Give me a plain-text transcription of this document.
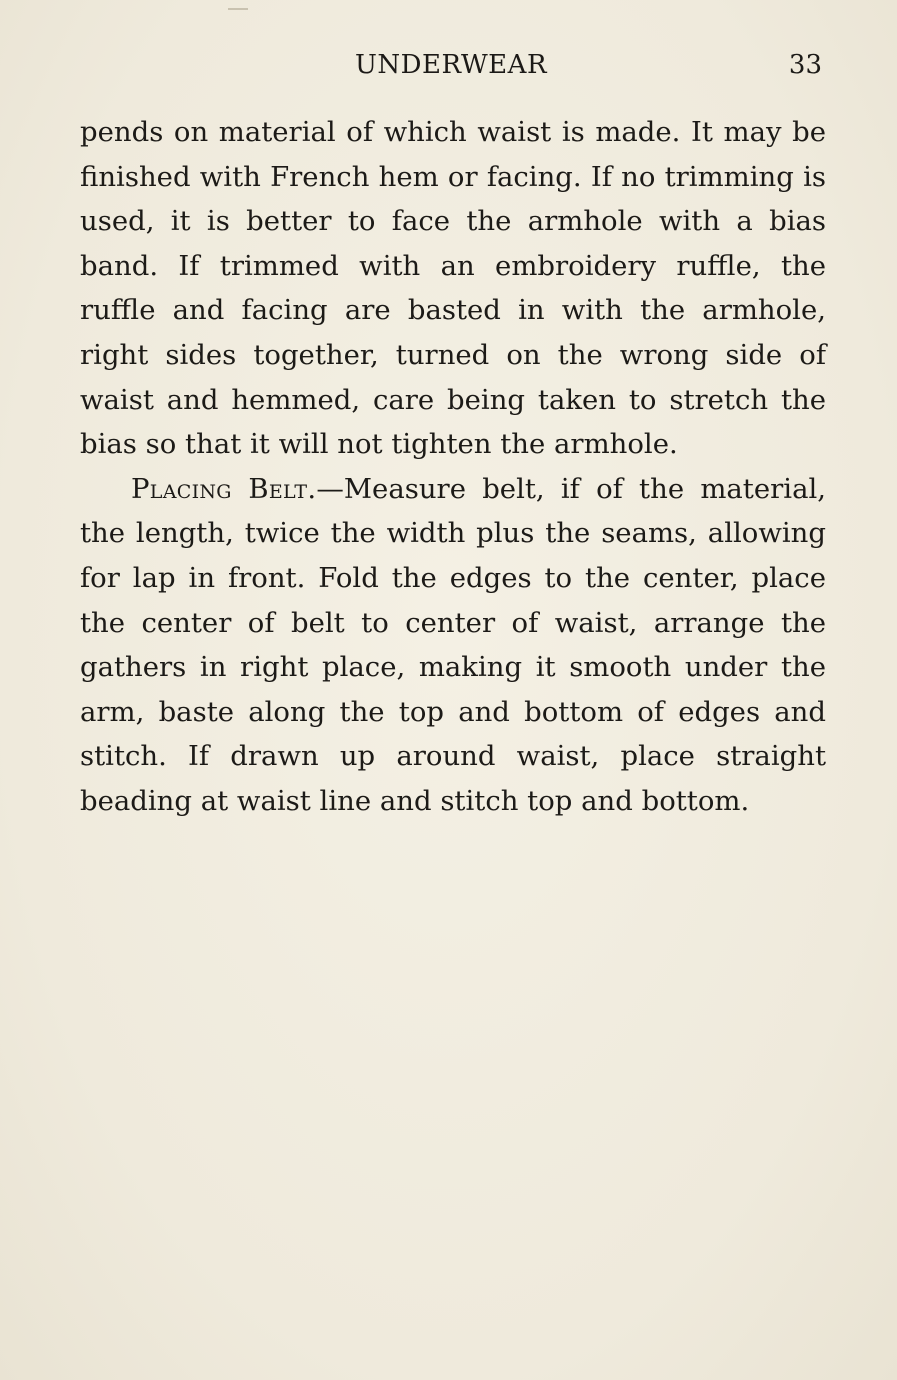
UNDERWEAR	33

pends on material of which waist is made. It may be finished with French hem or facing. If no trimming is used, it is better to face the armhole with a bias band. If trimmed with an embroidery ruffle, the ruffle and facing are basted in with the armhole, right sides together, turned on the wrong side of waist and hemmed, care being taken to stretch the bias so that it will not tighten the armhole.

Placing Belt.—Measure belt, if of the material, the length, twice the width plus the seams, allowing for lap in front. Fold the edges to the center, place the center of belt to center of waist, arrange the gathers in right place, making it smooth under the arm, baste along the top and bottom of edges and stitch. If drawn up around waist, place straight beading at waist line and stitch top and bottom.
